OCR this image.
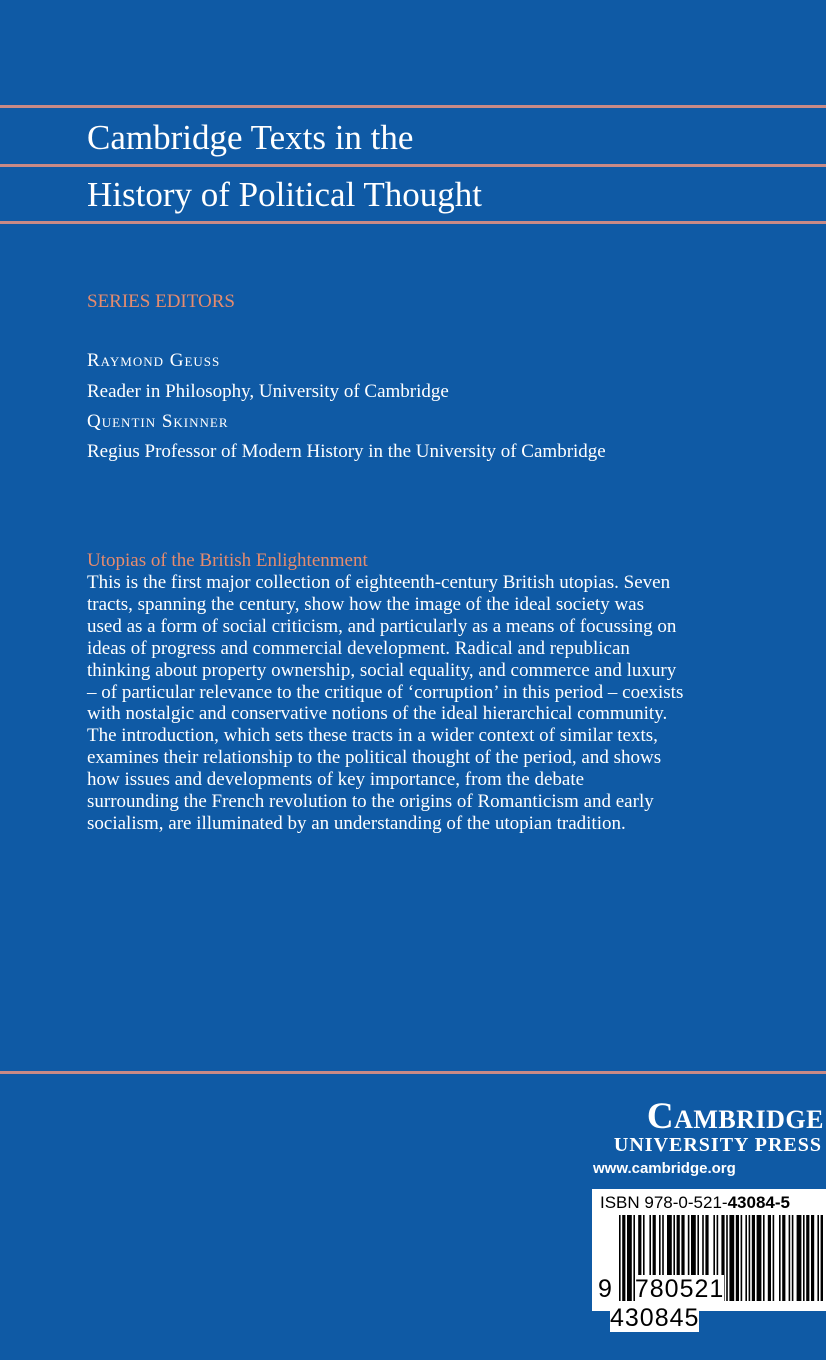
Cambridge Texts in the
History of Political Thought
SERIES EDITORS
Raymond Geuss
Reader in Philosophy, University of Cambridge
Quentin Skinner
Regius Professor of Modern History in the University of Cambridge
Utopias of the British Enlightenment
This is the first major collection of eighteenth-century British utopias. Seven
tracts, spanning the century, show how the image of the ideal society was
used as a form of social criticism, and particularly as a means of focussing on
ideas of progress and commercial development. Radical and republican
thinking about property ownership, social equality, and commerce and luxury
– of particular relevance to the critique of ‘corruption’ in this period – coexists
with nostalgic and conservative notions of the ideal hierarchical community.
The introduction, which sets these tracts in a wider context of similar texts,
examines their relationship to the political thought of the period, and shows
how issues and developments of key importance, from the debate
surrounding the French revolution to the origins of Romanticism and early
socialism, are illuminated by an understanding of the utopian tradition.
Cambridge
UNIVERSITY PRESS
www.cambridge.org
ISBN 978-0-521-43084-5
9 780521 430845
